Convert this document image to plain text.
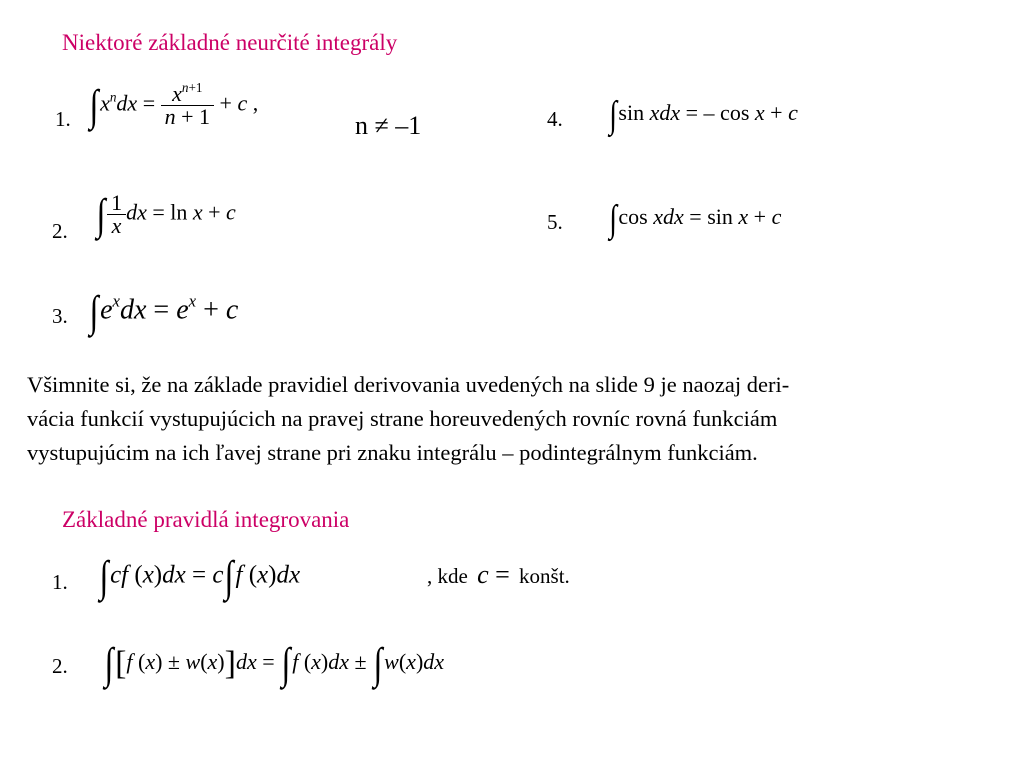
Niektoré základné neurčité integrály
1. $\int x^ndx = \frac{x^{n+1}}{n + 1} + c$ ,
n ≠ –1
2. ∫ $\frac{1}{x}$ dx = ln x + c
3. $\int e^xdx = e^x + c$
4. ∫sin xdx = – cos x + c
5. ∫cos xdx = sin x + c
Všimnite si, že na základe pravidiel derivovania uvedených na slide 9 je naozaj deri-
vácia funkcií vystupujúcich na pravej strane horeuvedených rovníc rovná funkciám
vystupujúcim na ich ľavej strane pri znaku integrálu – podintegrálnym funkciám.
Základné pravidlá integrovania
1. ∫cf (x)dx = c∫f (x)dx	, kde c = konšt.
2. ∫[f (x) ± w(x)]dx = ∫f (x)dx ± ∫w(x)dx
